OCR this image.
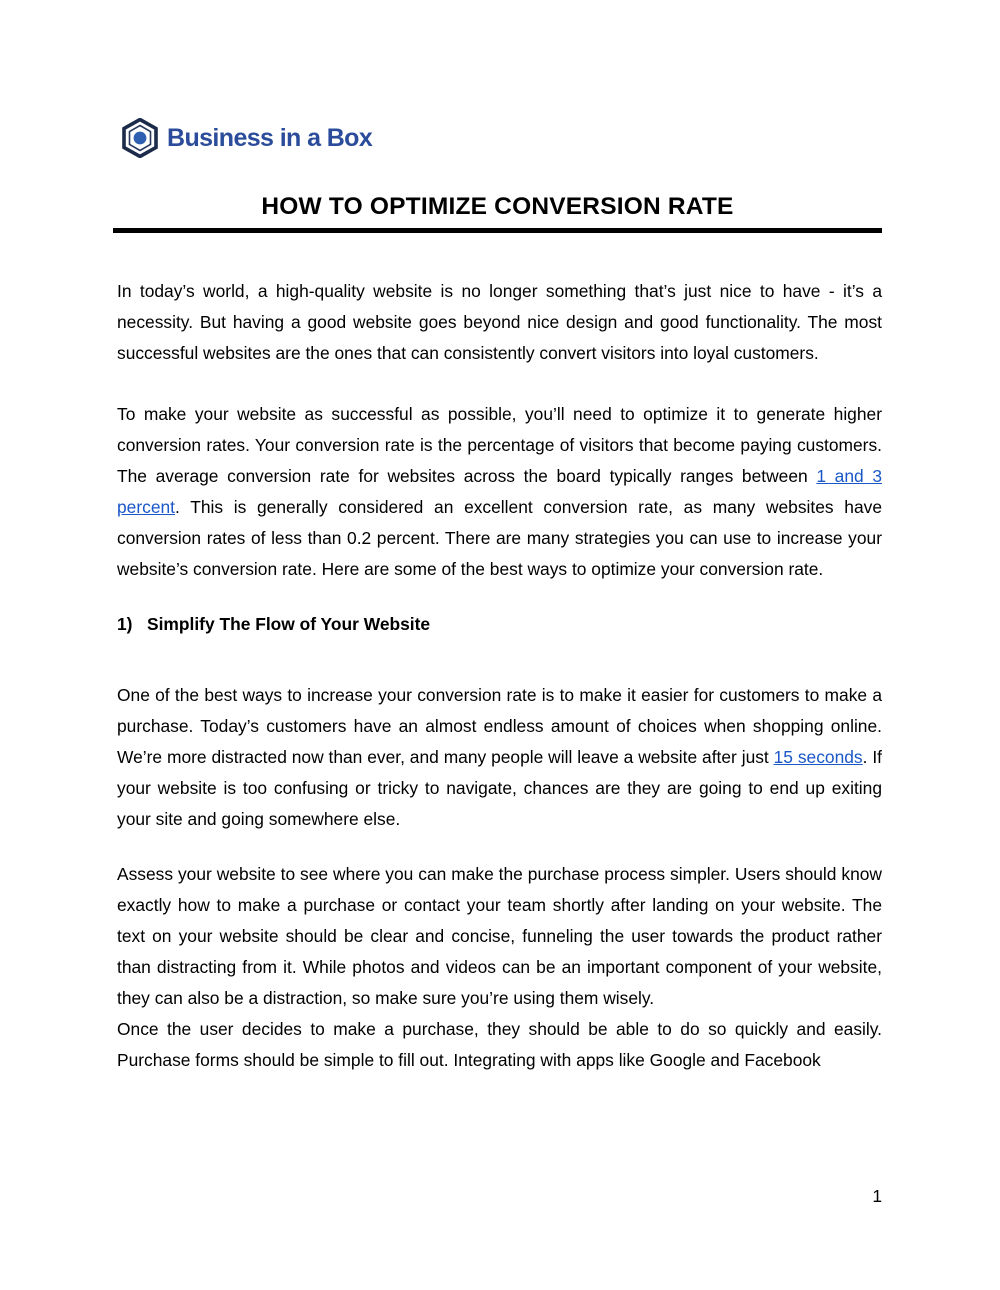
Business in a Box
HOW TO OPTIMIZE CONVERSION RATE

In today’s world, a high-quality website is no longer something that’s just nice to have - it’s a necessity. But having a good website goes beyond nice design and good functionality. The most successful websites are the ones that can consistently convert visitors into loyal customers.

To make your website as successful as possible, you’ll need to optimize it to generate higher conversion rates. Your conversion rate is the percentage of visitors that become paying customers. The average conversion rate for websites across the board typically ranges between 1 and 3 percent. This is generally considered an excellent conversion rate, as many websites have conversion rates of less than 0.2 percent. There are many strategies you can use to increase your website’s conversion rate. Here are some of the best ways to optimize your conversion rate.

1) Simplify The Flow of Your Website

One of the best ways to increase your conversion rate is to make it easier for customers to make a purchase. Today’s customers have an almost endless amount of choices when shopping online. We’re more distracted now than ever, and many people will leave a website after just 15 seconds. If your website is too confusing or tricky to navigate, chances are they are going to end up exiting your site and going somewhere else.

Assess your website to see where you can make the purchase process simpler. Users should know exactly how to make a purchase or contact your team shortly after landing on your website. The text on your website should be clear and concise, funneling the user towards the product rather than distracting from it. While photos and videos can be an important component of your website, they can also be a distraction, so make sure you’re using them wisely.

Once the user decides to make a purchase, they should be able to do so quickly and easily. Purchase forms should be simple to fill out. Integrating with apps like Google and Facebook

1
